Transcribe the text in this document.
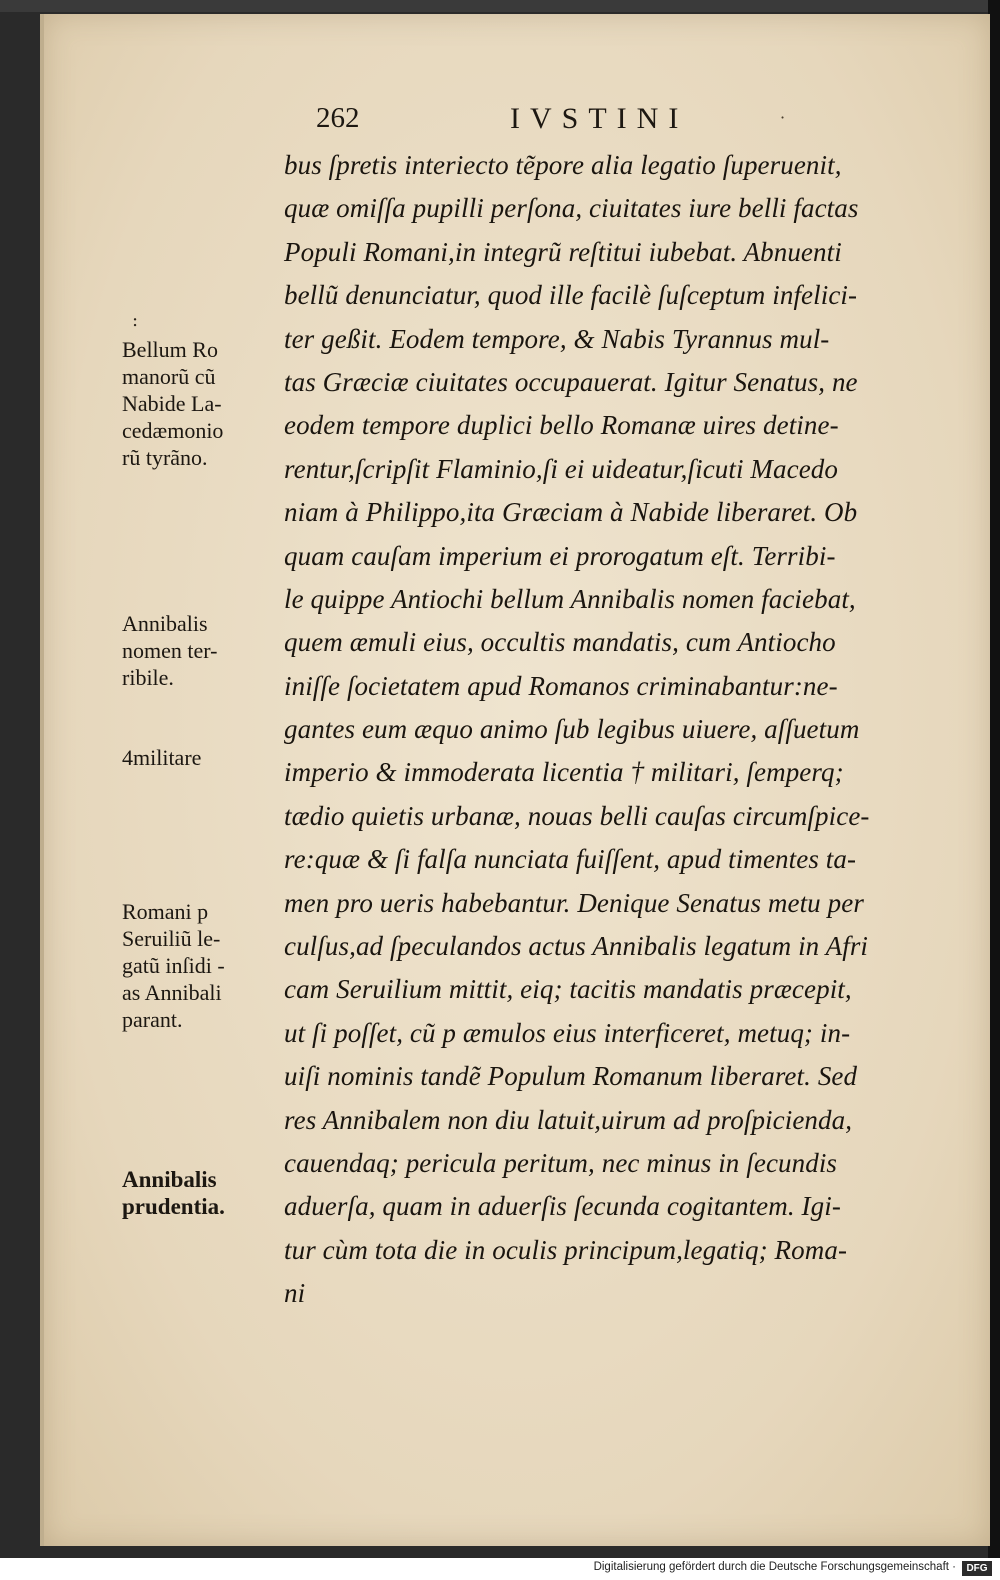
262	IVSTINI	·
:
Bellum Ro
manorũ cũ
Nabide La-
cedæmonio
rũ tyrãno.
Annibalis
nomen ter-
ribile.
4militare
Romani p
Seruiliũ le-
gatũ inſidi -
as Annibali
parant.
Annibalis
prudentia.
bus ſpretis interiecto tẽpore alia legatio ſuperuenit,
quæ omiſſa pupilli perſona, ciuitates iure belli factas
Populi Romani,in integrũ reſtitui iubebat. Abnuenti
bellũ denunciatur, quod ille facilè ſuſceptum infelici-
ter geßit. Eodem tempore, & Nabis Tyrannus mul-
tas Græciæ ciuitates occupauerat. Igitur Senatus, ne
eodem tempore duplici bello Romanæ uires detine-
rentur,ſcripſit Flaminio,ſi ei uideatur,ſicuti Macedo
niam à Philippo,ita Græciam à Nabide liberaret. Ob
quam cauſam imperium ei prorogatum eſt. Terribi-
le quippe Antiochi bellum Annibalis nomen faciebat,
quem æmuli eius, occultis mandatis, cum Antiocho
iniſſe ſocietatem apud Romanos criminabantur:ne-
gantes eum æquo animo ſub legibus uiuere, aſſuetum
imperio & immoderata licentia † militari, ſemperq;
tædio quietis urbanæ, nouas belli cauſas circumſpice-
re:quæ & ſi falſa nunciata fuiſſent, apud timentes ta-
men pro ueris habebantur. Denique Senatus metu per
culſus,ad ſpeculandos actus Annibalis legatum in Afri
cam Seruilium mittit, eiq; tacitis mandatis præcepit,
ut ſi poſſet, cũ p æmulos eius interficeret, metuq; in-
uiſi nominis tandẽ Populum Romanum liberaret. Sed
res Annibalem non diu latuit,uirum ad proſpicienda,
cauendaq; pericula peritum, nec minus in ſecundis
aduerſa, quam in aduerſis ſecunda cogitantem. Igi-
tur cùm tota die in oculis principum,legatiq; Roma-
ni
Digitalisierung gefördert durch die Deutsche Forschungsgemeinschaft ·	DFG
